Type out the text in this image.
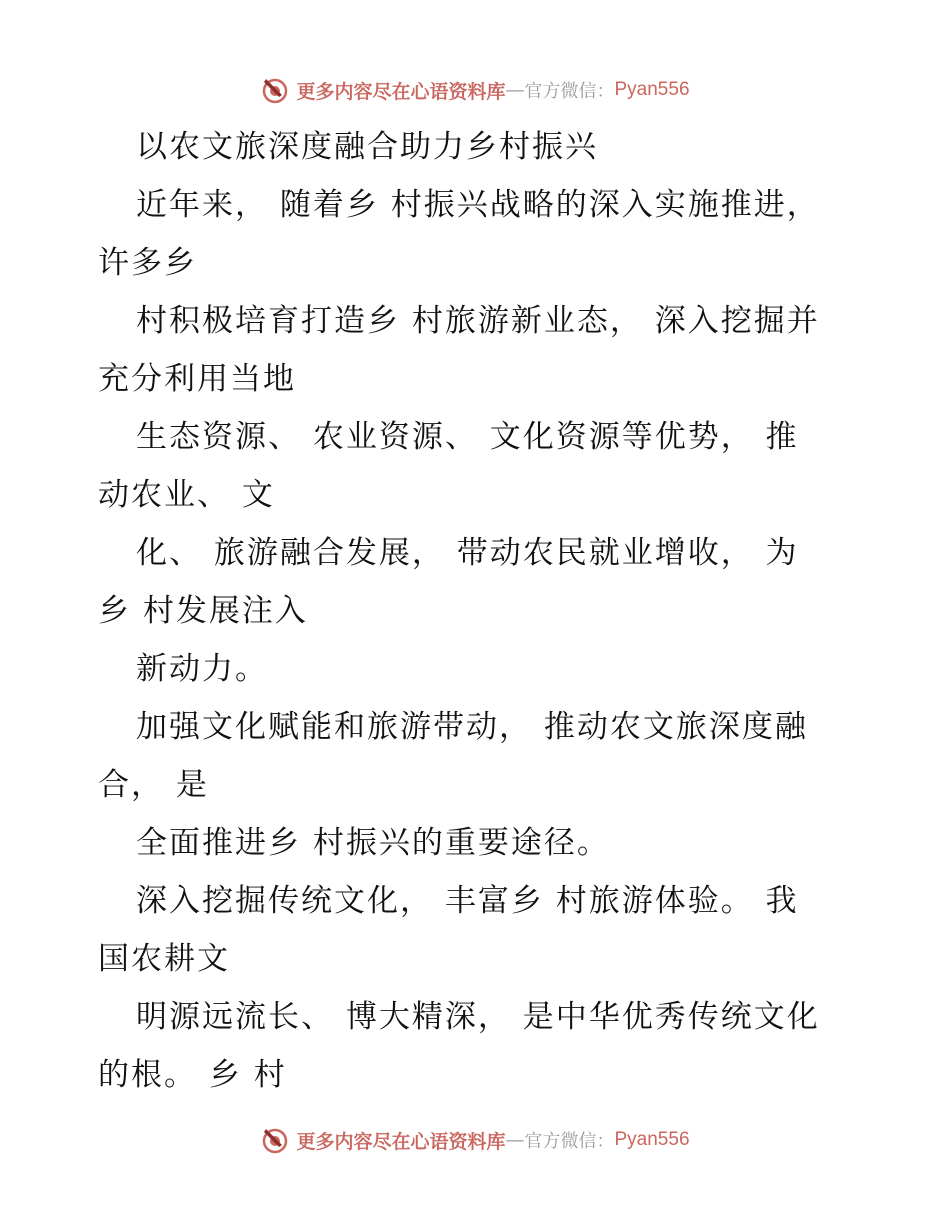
更多内容尽在心语资料库 — 官方微信： Pyan556
以农文旅深度融合助力乡村振兴
近年来， 随着乡 村振兴战略的深入实施推进，
许多乡
村积极培育打造乡 村旅游新业态， 深入挖掘并
充分利用当地
生态资源、 农业资源、 文化资源等优势， 推
动农业、 文
化、 旅游融合发展， 带动农民就业增收， 为
乡 村发展注入
新动力。
加强文化赋能和旅游带动， 推动农文旅深度融
合， 是
全面推进乡 村振兴的重要途径。
深入挖掘传统文化， 丰富乡 村旅游体验。 我
国农耕文
明源远流长、 博大精深， 是中华优秀传统文化
的根。 乡 村
更多内容尽在心语资料库 — 官方微信： Pyan556
